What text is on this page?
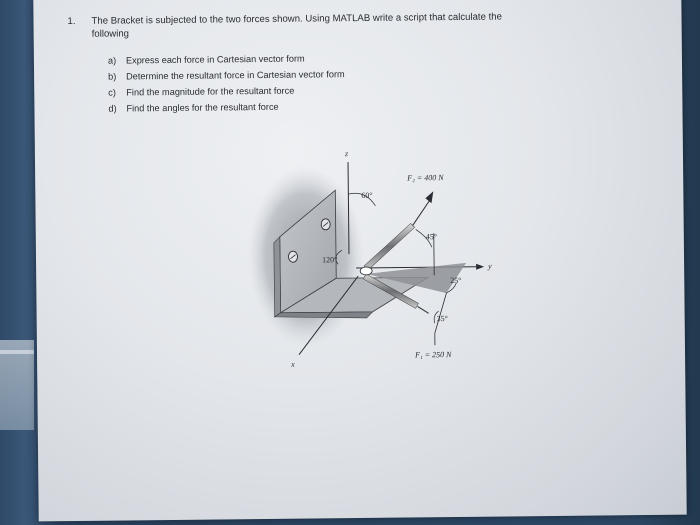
1. The Bracket is subjected to the two forces shown. Using MATLAB write a script that calculate the
following
a)	Express each force in Cartesian vector form
b)	Determine the resultant force in Cartesian vector form
c)	Find the magnitude for the resultant force
d)	Find the angles for the resultant force
z
y
x
F₂ = 400 N
F₁ = 250 N
60°
45°
120°
25°
35°
